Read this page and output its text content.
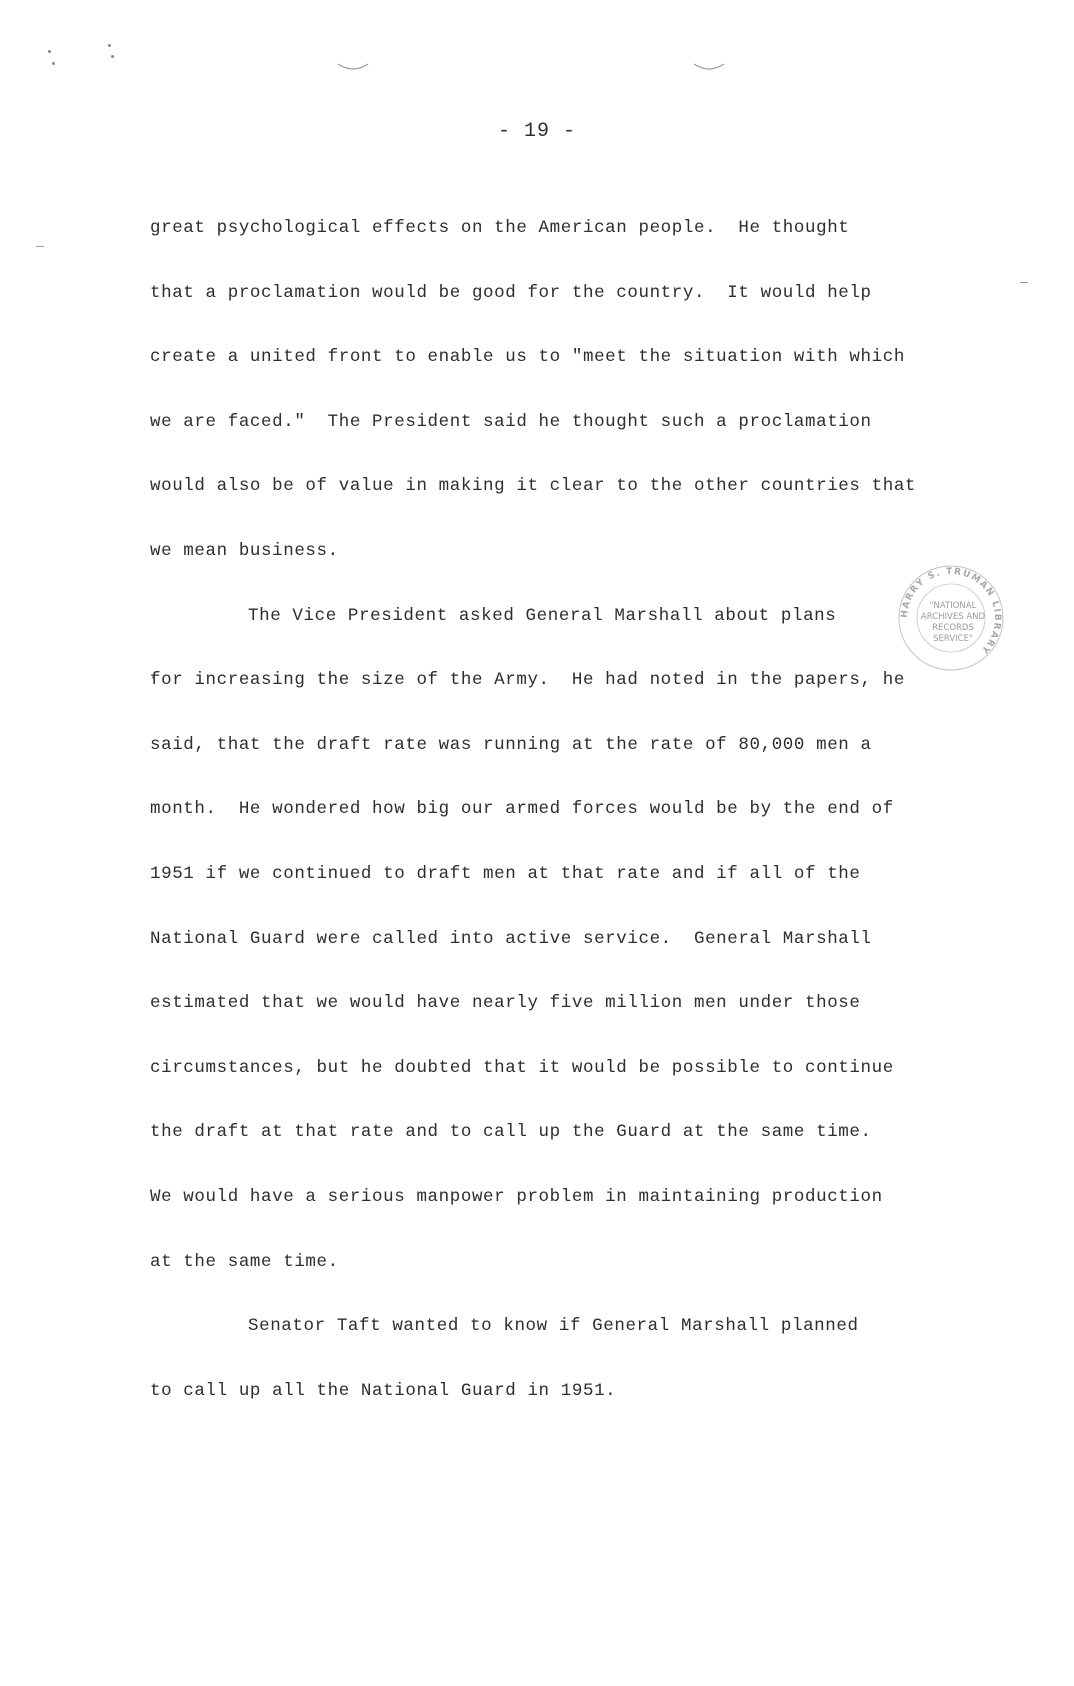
- 19 -
great psychological effects on the American people.  He thought
that a proclamation would be good for the country.  It would help
create a united front to enable us to "meet the situation with which
we are faced."  The President said he thought such a proclamation
would also be of value in making it clear to the other countries that
we mean business.
The Vice President asked General Marshall about plans
for increasing the size of the Army.  He had noted in the papers, he
said, that the draft rate was running at the rate of 80,000 men a
month.  He wondered how big our armed forces would be by the end of
1951 if we continued to draft men at that rate and if all of the
National Guard were called into active service.  General Marshall
estimated that we would have nearly five million men under those
circumstances, but he doubted that it would be possible to continue
the draft at that rate and to call up the Guard at the same time.
We would have a serious manpower problem in maintaining production
at the same time.
Senator Taft wanted to know if General Marshall planned
to call up all the National Guard in 1951.
HARRY S. TRUMAN LIBRARY
"NATIONAL
ARCHIVES AND
RECORDS
SERVICE"
